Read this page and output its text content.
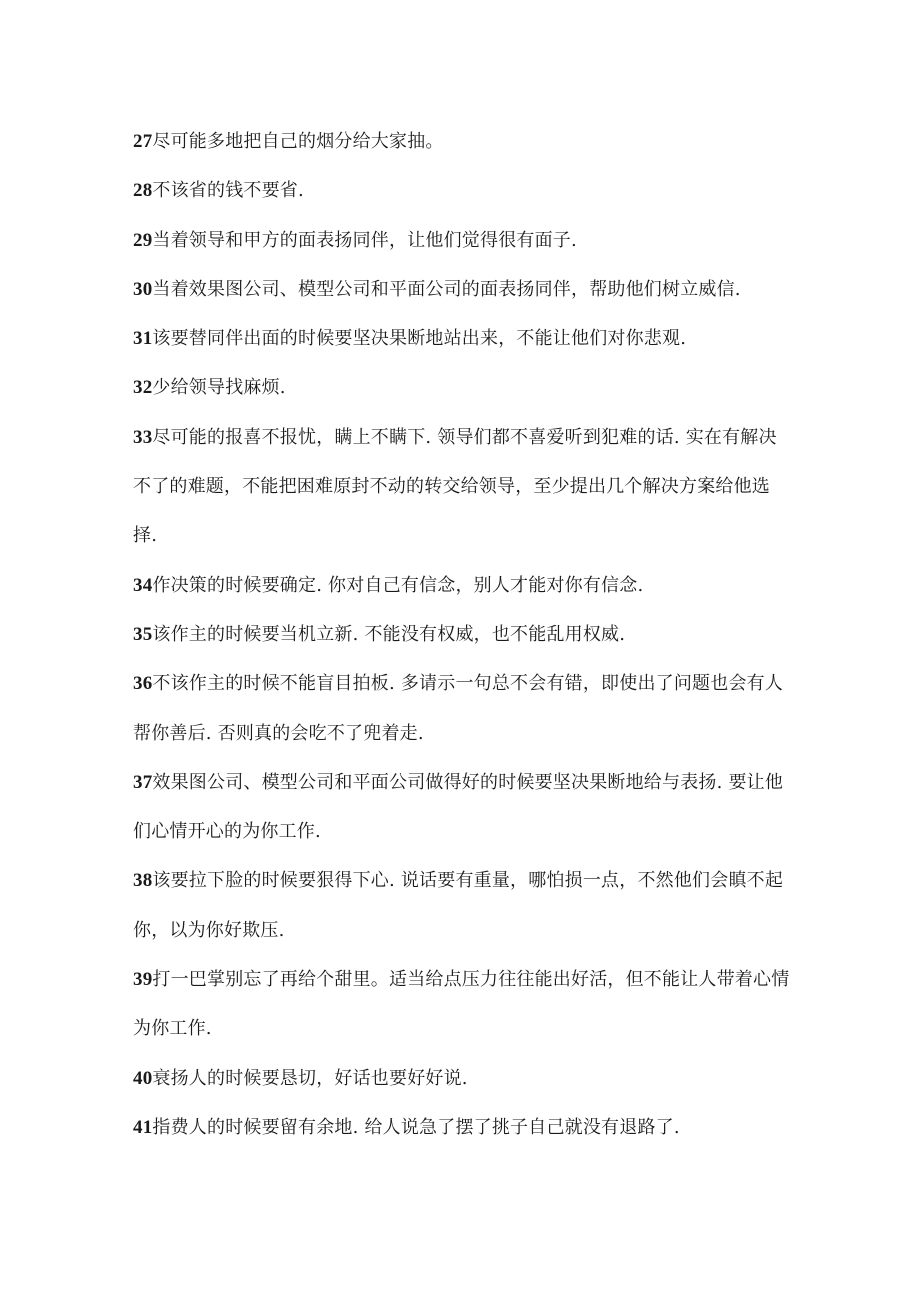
27尽可能多地把自己的烟分给大家抽。
28不该省的钱不要省.
29当着领导和甲方的面表扬同伴，让他们觉得很有面子.
30当着效果图公司、模型公司和平面公司的面表扬同伴，帮助他们树立威信.
31该要替同伴出面的时候要坚决果断地站出来，不能让他们对你悲观.
32少给领导找麻烦.
33尽可能的报喜不报忧，瞒上不瞒下. 领导们都不喜爱听到犯难的话. 实在有解决不了的难题，不能把困难原封不动的转交给领导，至少提出几个解决方案给他选择.
34作决策的时候要确定. 你对自己有信念，别人才能对你有信念.
35该作主的时候要当机立新. 不能没有权威，也不能乱用权威.
36不该作主的时候不能盲目拍板. 多请示一句总不会有错，即使出了问题也会有人帮你善后. 否则真的会吃不了兜着走.
37效果图公司、模型公司和平面公司做得好的时候要坚决果断地给与表扬. 要让他们心情开心的为你工作.
38该要拉下脸的时候要狠得下心. 说话要有重量，哪怕损一点，不然他们会瞋不起你，以为你好欺压.
39打一巴掌别忘了再给个甜里。适当给点压力往往能出好活，但不能让人带着心情为你工作.
40衰扬人的时候要恳切，好话也要好好说.
41指费人的时候要留有余地. 给人说急了摆了挑子自己就没有退路了.
